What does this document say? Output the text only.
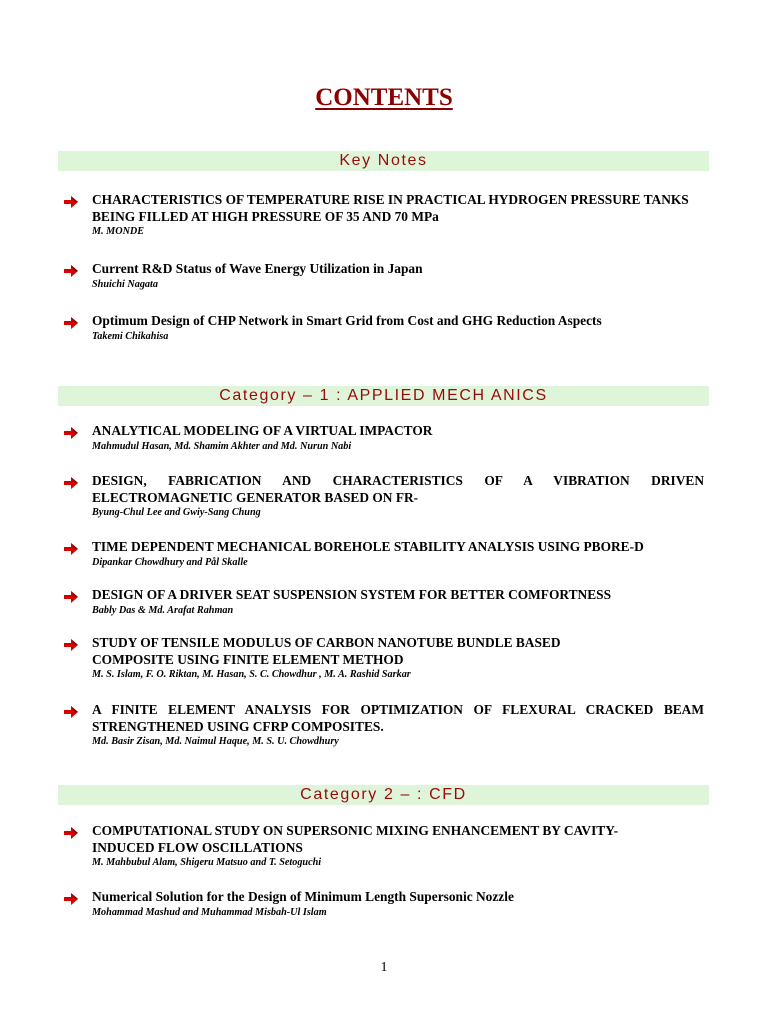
CONTENTS
Key Notes
CHARACTERISTICS OF TEMPERATURE RISE IN PRACTICAL HYDROGEN PRESSURE TANKS BEING FILLED AT HIGH PRESSURE OF 35 AND 70 MPa
M. MONDE
Current R&D Status of Wave Energy Utilization in Japan
Shuichi Nagata
Optimum Design of CHP Network in Smart Grid from Cost and GHG Reduction Aspects
Takemi Chikahisa
Category – 1 : APPLIED MECH ANICS
ANALYTICAL MODELING OF A VIRTUAL IMPACTOR
Mahmudul Hasan, Md. Shamim Akhter and Md. Nurun Nabi
DESIGN, FABRICATION AND CHARACTERISTICS OF A VIBRATION DRIVEN ELECTROMAGNETIC GENERATOR BASED ON FR-
Byung-Chul Lee and Gwiy-Sang Chung
TIME DEPENDENT MECHANICAL BOREHOLE STABILITY ANALYSIS USING PBORE-D
Dipankar Chowdhury and Pål Skalle
DESIGN OF A DRIVER SEAT SUSPENSION SYSTEM FOR BETTER COMFORTNESS
Bably Das & Md. Arafat Rahman
STUDY OF TENSILE MODULUS OF CARBON NANOTUBE BUNDLE BASED COMPOSITE USING FINITE ELEMENT METHOD
M. S. Islam, F. O. Riktan, M. Hasan, S. C. Chowdhur , M. A. Rashid Sarkar
A FINITE ELEMENT ANALYSIS FOR OPTIMIZATION OF FLEXURAL CRACKED BEAM STRENGTHENED USING CFRP COMPOSITES.
Md. Basir Zisan, Md. Naimul Haque, M. S. U. Chowdhury
Category 2 – : CFD
COMPUTATIONAL STUDY ON SUPERSONIC MIXING ENHANCEMENT BY CAVITY-INDUCED FLOW OSCILLATIONS
M. Mahbubul Alam, Shigeru Matsuo and T. Setoguchi
Numerical Solution for the Design of Minimum Length Supersonic Nozzle
Mohammad Mashud and Muhammad Misbah-Ul Islam
1
